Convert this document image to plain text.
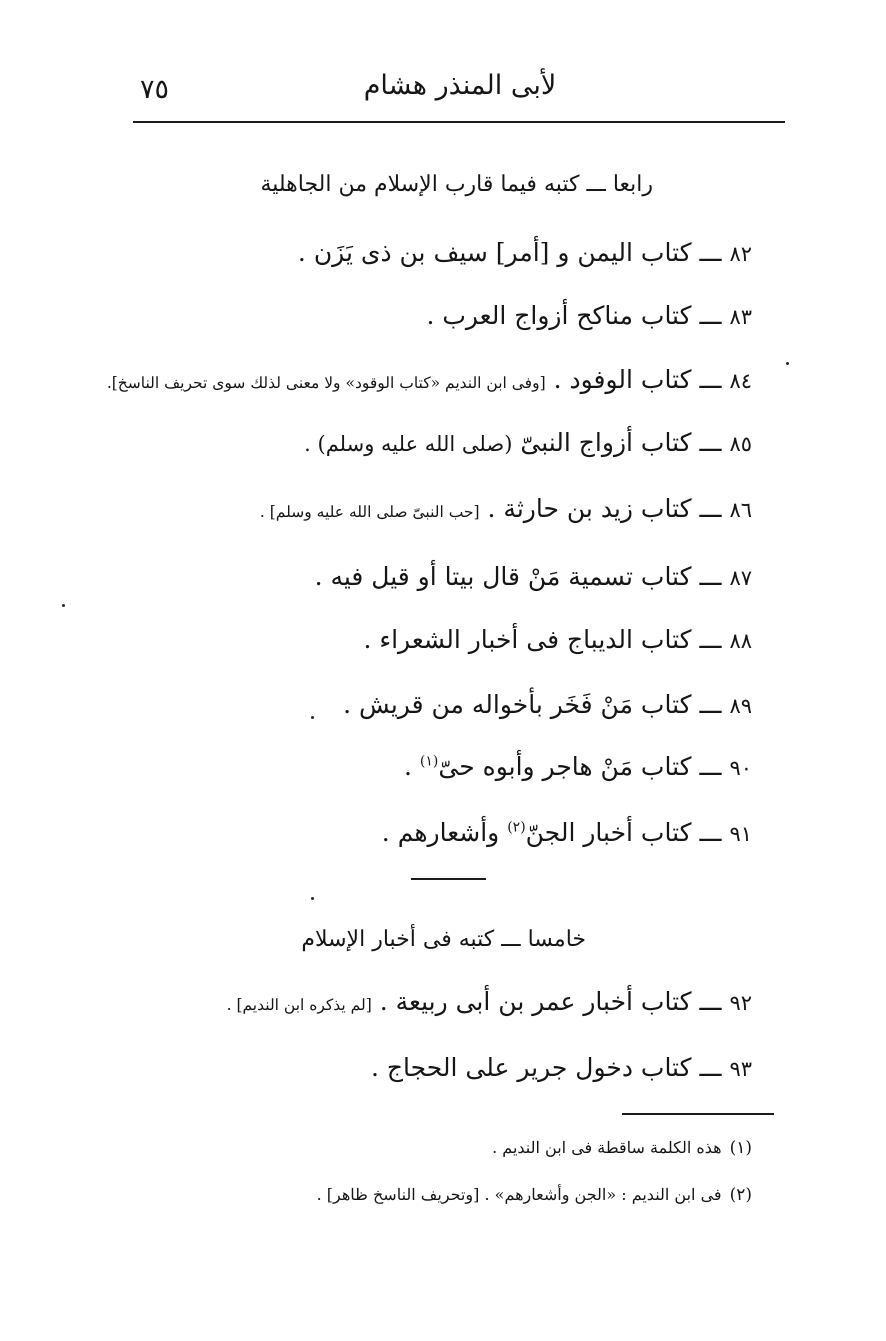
٧٥	لأبى المنذر هشام
رابعا ـــ كتبه فيما قارب الإسلام من الجاهلية
٨٢ـــ كتاب اليمن و [أمر] سيف بن ذى يَزَن .
٨٣ـــ كتاب مناكح أزواج العرب .
٨٤ـــ كتاب الوفود . [وفى ابن النديم «كتاب الوقود» ولا معنى لذلك سوى تحريف الناسخ].
٨٥ـــ كتاب أزواج النبىّ (صلى الله عليه وسلم) .
٨٦ـــ كتاب زيد بن حارثة . [حب النبىّ صلى الله عليه وسلم] .
٨٧ـــ كتاب تسمية مَنْ قال بيتا أو قيل فيه .
٨٨ـــ كتاب الديباج فى أخبار الشعراء .
٨٩ـــ كتاب مَنْ فَخَر بأخواله من قريش .
٩٠ـــ كتاب مَنْ هاجر وأبوه حىّ$^{(١)}$ .
٩١ـــ كتاب أخبار الجنّ$^{(٢)}$ وأشعارهم .
خامسا ـــ كتبه فى أخبار الإسلام
٩٢ـــ كتاب أخبار عمر بن أبى ربيعة . [لم يذكره ابن النديم] .
٩٣ـــ كتاب دخول جرير على الحجاج .
(١)هذه الكلمة ساقطة فى ابن النديم .
(٢)فى ابن النديم : «الجن وأشعارهم» . [وتحريف الناسخ ظاهر] .
